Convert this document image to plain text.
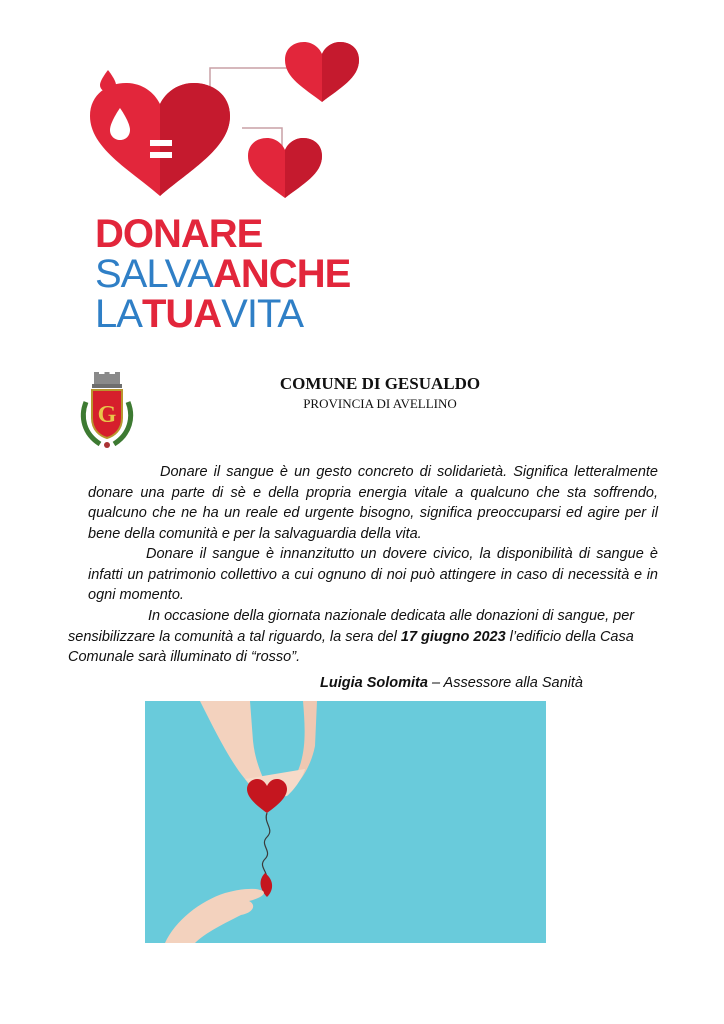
DONARE
SALVAANCHE
LATUAVITA
G
COMUNE DI GESUALDO
PROVINCIA DI AVELLINO
Donare il sangue è un gesto concreto di solidarietà. Significa letteralmente donare una parte di sè e della propria energia vitale a qualcuno che sta soffrendo, qualcuno che ne ha un reale ed urgente bisogno, significa preoccuparsi ed agire per il bene della comunità e per la salvaguardia della vita.
Donare il sangue è innanzitutto un dovere civico, la disponibilità di sangue è infatti un patrimonio collettivo a cui ognuno di noi può attingere in caso di necessità e in ogni momento.
In occasione della giornata nazionale dedicata alle donazioni di sangue, per sensibilizzare la comunità a tal riguardo, la sera del 17 giugno 2023 l’edificio della Casa Comunale sarà illuminato di “rosso”.
Luigia Solomita – Assessore alla Sanità
